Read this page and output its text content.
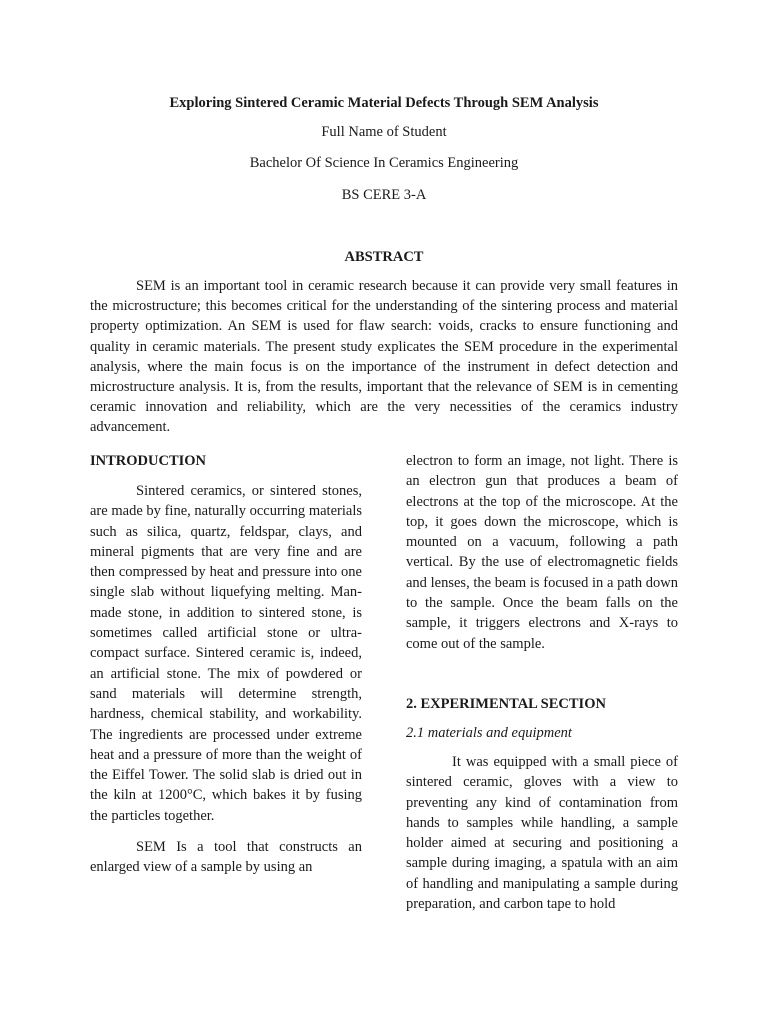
Exploring Sintered Ceramic Material Defects Through SEM Analysis
Full Name of Student
Bachelor Of Science In Ceramics Engineering
BS CERE 3-A
ABSTRACT

SEM is an important tool in ceramic research because it can provide very small features in the microstructure; this becomes critical for the understanding of the sintering process and material property optimization. An SEM is used for flaw search: voids, cracks to ensure functioning and quality in ceramic materials. The present study explicates the SEM procedure in the experimental analysis, where the main focus is on the importance of the instrument in defect detection and microstructure analysis. It is, from the results, important that the relevance of SEM is in cementing ceramic innovation and reliability, which are the very necessities of the ceramics industry advancement.

INTRODUCTION

Sintered ceramics, or sintered stones, are made by fine, naturally occurring materials such as silica, quartz, feldspar, clays, and mineral pigments that are very fine and are then compressed by heat and pressure into one single slab without liquefying melting. Man-made stone, in addition to sintered stone, is sometimes called artificial stone or ultra-compact surface. Sintered ceramic is, indeed, an artificial stone. The mix of powdered or sand materials will determine strength, hardness, chemical stability, and workability. The ingredients are processed under extreme heat and a pressure of more than the weight of the Eiffel Tower. The solid slab is dried out in the kiln at 1200°C, which bakes it by fusing the particles together.

SEM Is a tool that constructs an enlarged view of a sample by using an

electron to form an image, not light. There is an electron gun that produces a beam of electrons at the top of the microscope. At the top, it goes down the microscope, which is mounted on a vacuum, following a path vertical. By the use of electromagnetic fields and lenses, the beam is focused in a path down to the sample. Once the beam falls on the sample, it triggers electrons and X-rays to come out of the sample.

2. EXPERIMENTAL SECTION

2.1 materials and equipment

It was equipped with a small piece of sintered ceramic, gloves with a view to preventing any kind of contamination from hands to samples while handling, a sample holder aimed at securing and positioning a sample during imaging, a spatula with an aim of handling and manipulating a sample during preparation, and carbon tape to hold
